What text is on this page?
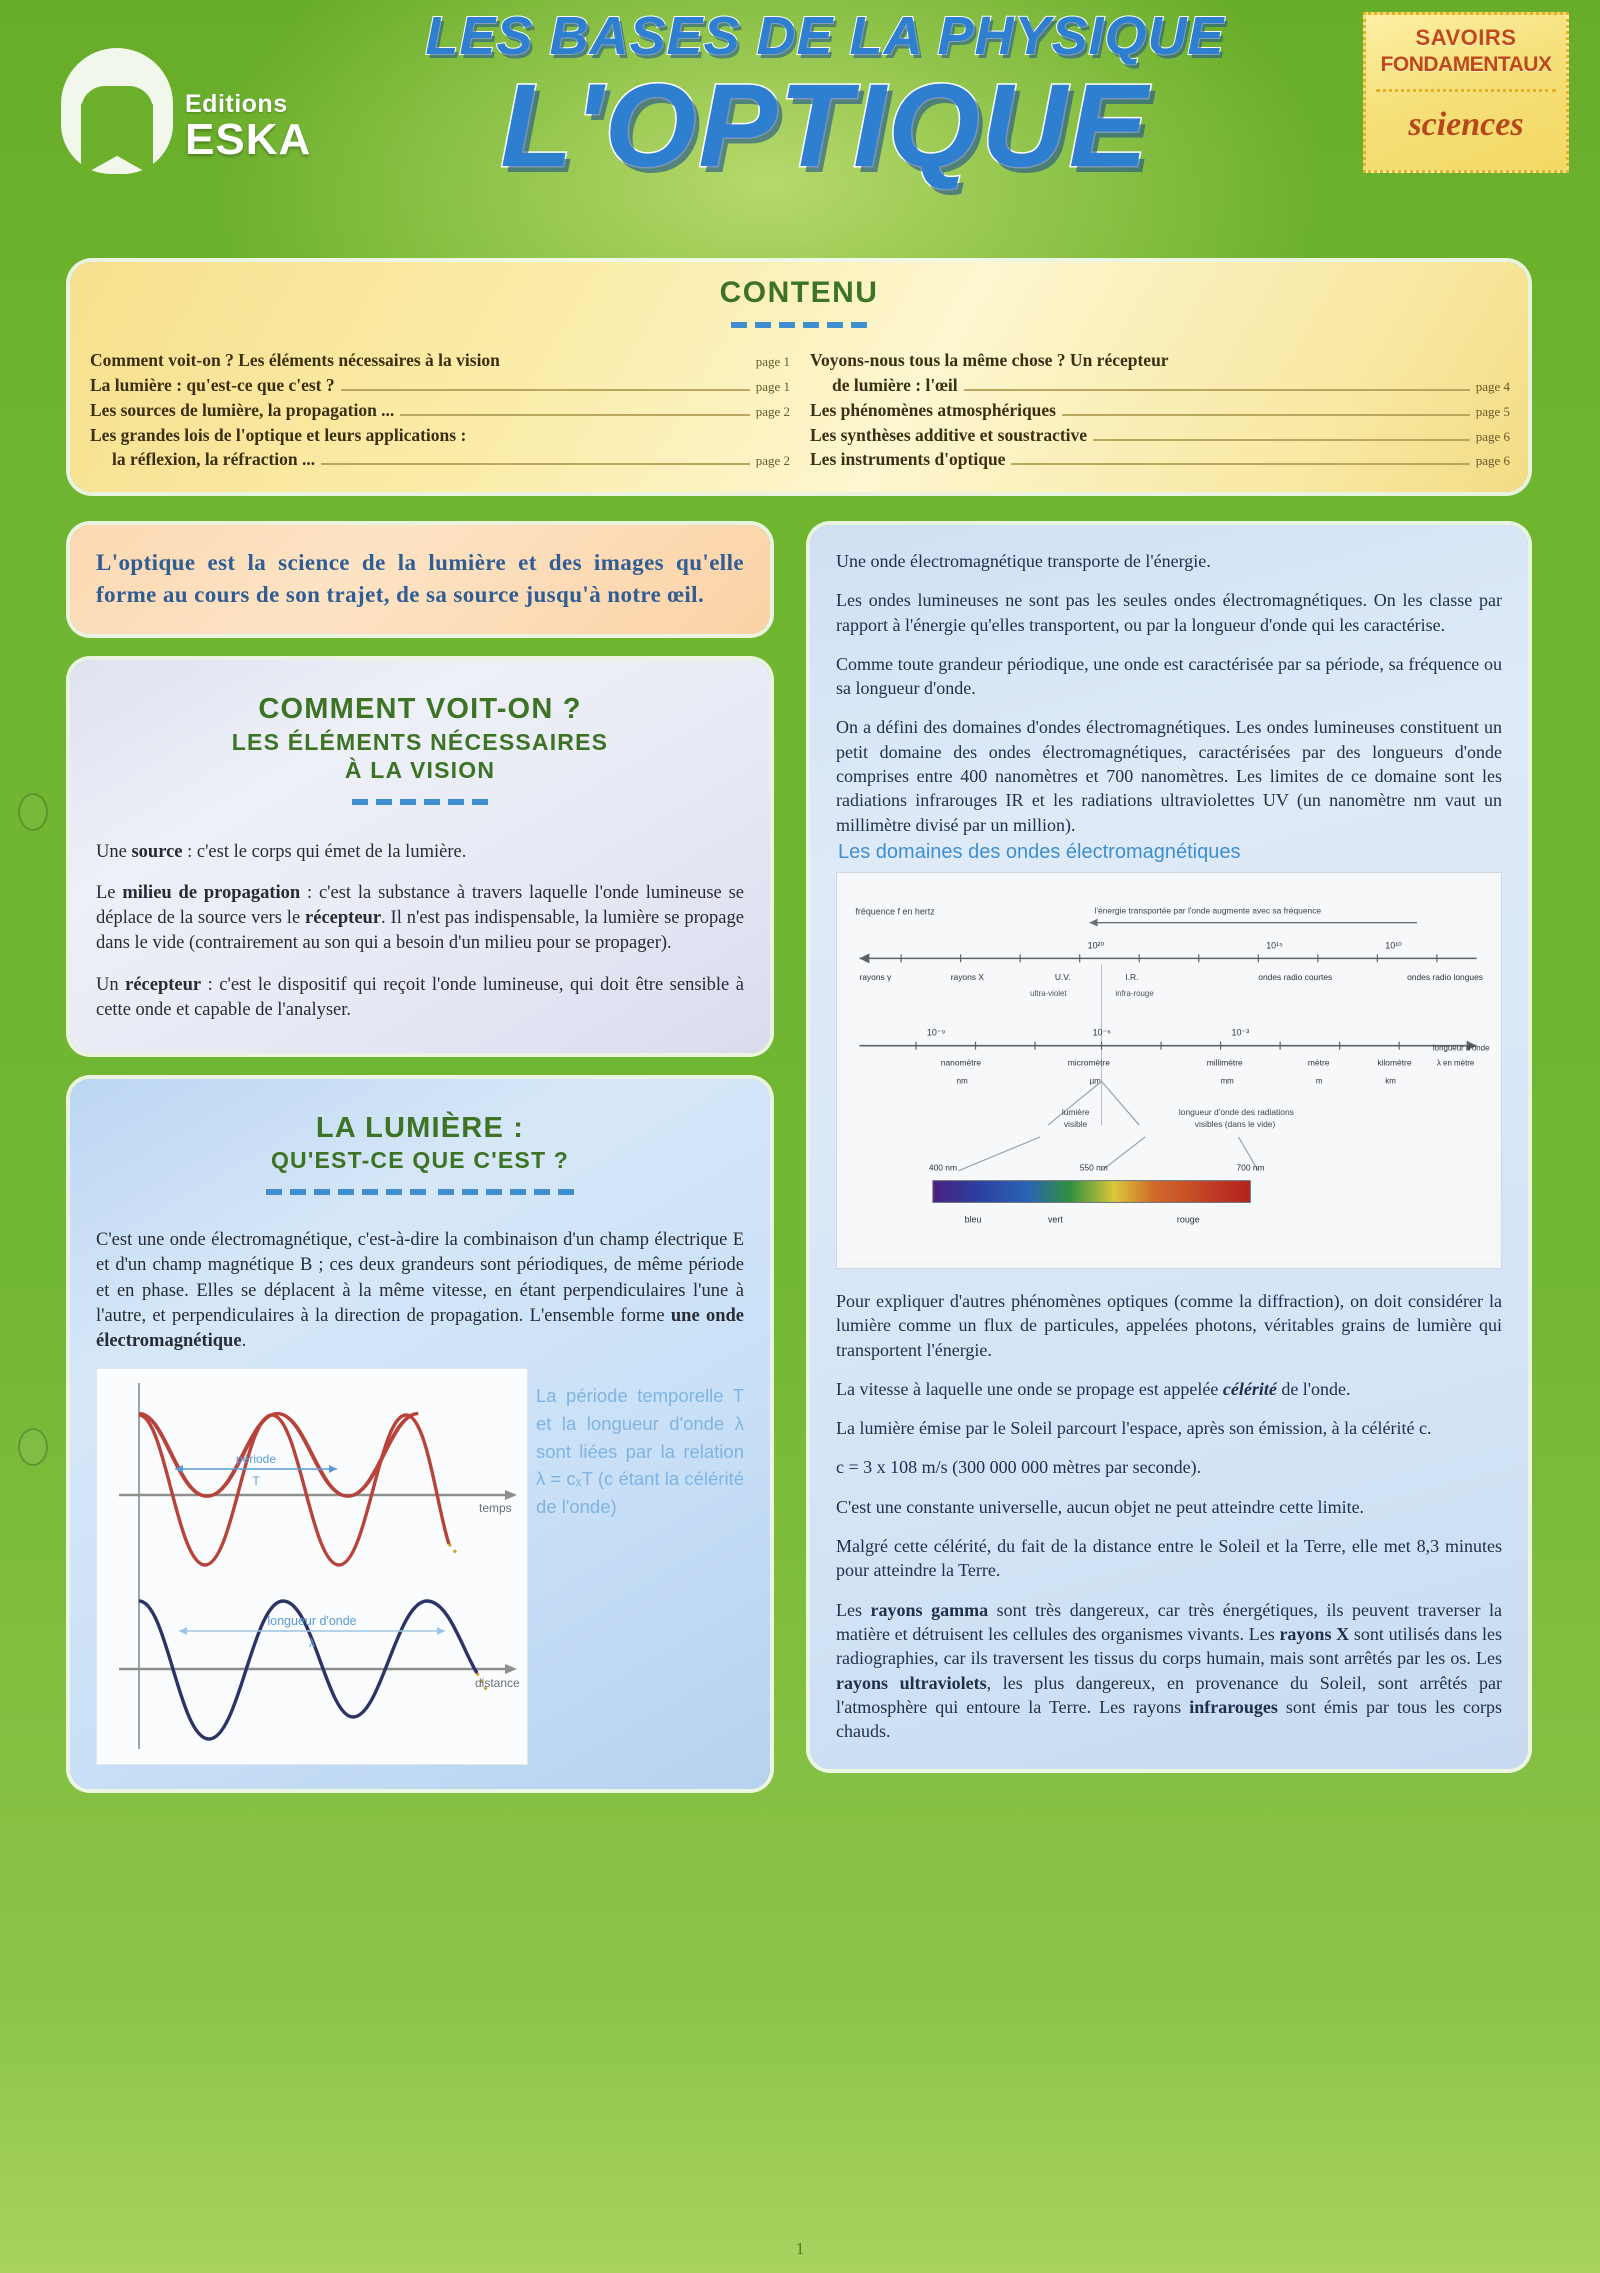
Editions
ESKA
LES BASES DE LA PHYSIQUE
L'OPTIQUE
SAVOIRS
FONDAMENTAUX
sciences
CONTENU
Comment voit-on ? Les éléments nécessaires à la vision	page 1
La lumière : qu'est-ce que c'est ?	page 1
Les sources de lumière, la propagation ...	page 2
Les grandes lois de l'optique et leurs applications :
la réflexion, la réfraction ...	page 2
Voyons-nous tous la même chose ? Un récepteur
de lumière : l'œil	page 4
Les phénomènes atmosphériques	page 5
Les synthèses additive et soustractive	page 6
Les instruments d'optique	page 6

L'optique est la science de la lumière et des images qu'elle forme au cours de son trajet, de sa source jusqu'à notre œil.

COMMENT VOIT-ON ?
LES ÉLÉMENTS NÉCESSAIRES
À LA VISION

Une source : c'est le corps qui émet de la lumière.

Le milieu de propagation : c'est la substance à travers laquelle l'onde lumineuse se déplace de la source vers le récepteur. Il n'est pas indispensable, la lumière se propage dans le vide (contrairement au son qui a besoin d'un milieu pour se propager).

Un récepteur : c'est le dispositif qui reçoit l'onde lumineuse, qui doit être sensible à cette onde et capable de l'analyser.

LA LUMIÈRE :
QU'EST-CE QUE C'EST ?

C'est une onde électromagnétique, c'est-à-dire la combinaison d'un champ électrique E et d'un champ magnétique B ; ces deux grandeurs sont périodiques, de même période et en phase. Elles se déplacent à la même vitesse, en étant perpendiculaires l'une à l'autre, et perpendiculaires à la direction de propagation. L'ensemble forme une onde électromagnétique.

période
T
temps
longueur d'onde
λ
distance
La période temporelle T et la longueur d'onde λ sont liées par la relation λ = cₓT (c étant la célérité de l'onde)

Une onde électromagnétique transporte de l'énergie.

Les ondes lumineuses ne sont pas les seules ondes électromagnétiques. On les classe par rapport à l'énergie qu'elles transportent, ou par la longueur d'onde qui les caractérise.

Comme toute grandeur périodique, une onde est caractérisée par sa période, sa fréquence ou sa longueur d'onde.

On a défini des domaines d'ondes électromagnétiques. Les ondes lumineuses constituent un petit domaine des ondes électromagnétiques, caractérisées par des longueurs d'onde comprises entre 400 nanomètres et 700 nanomètres. Les limites de ce domaine sont les radiations infrarouges IR et les radiations ultraviolettes UV (un nanomètre nm vaut un millimètre divisé par un million).

Les domaines des ondes électromagnétiques
fréquence f en hertz	l'énergie transportée par l'onde augmente avec sa fréquence
10²⁰	10¹⁵	10¹⁰
rayons γ	rayons X	U.V.	I.R.	ondes radio courtes	ondes radio longues
ultra-violet	infra-rouge
10⁻⁹	10⁻⁶	10⁻³
nanomètre	micromètre	millimètre	mètre	kilomètre
longueur d'onde
λ en mètre
nm	µm	mm	m	km
lumière
visible
longueur d'onde des radiations
visibles (dans le vide)
400 nm	550 nm	700 nm
bleu	vert	rouge

Pour expliquer d'autres phénomènes optiques (comme la diffraction), on doit considérer la lumière comme un flux de particules, appelées photons, véritables grains de lumière qui transportent l'énergie.

La vitesse à laquelle une onde se propage est appelée célérité de l'onde.

La lumière émise par le Soleil parcourt l'espace, après son émission, à la célérité c.

c = 3 x 108 m/s (300 000 000 mètres par seconde).

C'est une constante universelle, aucun objet ne peut atteindre cette limite.

Malgré cette célérité, du fait de la distance entre le Soleil et la Terre, elle met 8,3 minutes pour atteindre la Terre.

Les rayons gamma sont très dangereux, car très énergétiques, ils peuvent traverser la matière et détruisent les cellules des organismes vivants. Les rayons X sont utilisés dans les radiographies, car ils traversent les tissus du corps humain, mais sont arrêtés par les os. Les rayons ultraviolets, les plus dangereux, en provenance du Soleil, sont arrêtés par l'atmosphère qui entoure la Terre. Les rayons infrarouges sont émis par tous les corps chauds.

1
